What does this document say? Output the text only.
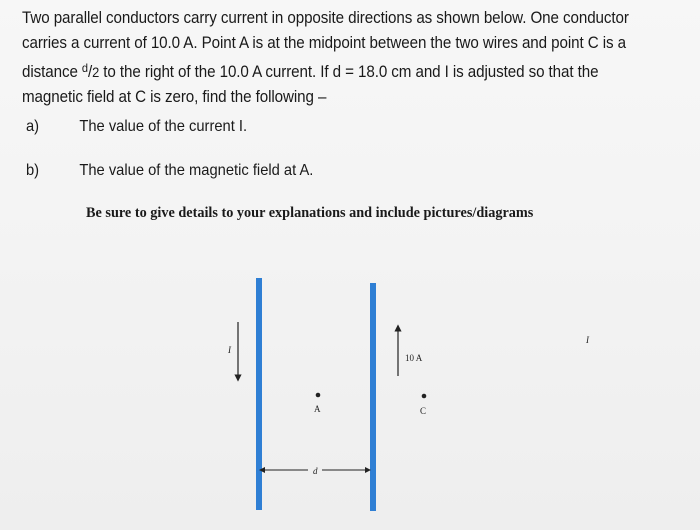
Two parallel conductors carry current in opposite directions as shown below. One conductor
carries a current of 10.0 A. Point A is at the midpoint between the two wires and point C is a
distance $^d$/2 to the right of the 10.0 A current. If d = 18.0 cm and I is adjusted so that the
magnetic field at C is zero, find the following –
a)	The value of the current I.
b)	The value of the magnetic field at A.
Be sure to give details to your explanations and include pictures/diagrams
I
10 A
A	C
d
I
